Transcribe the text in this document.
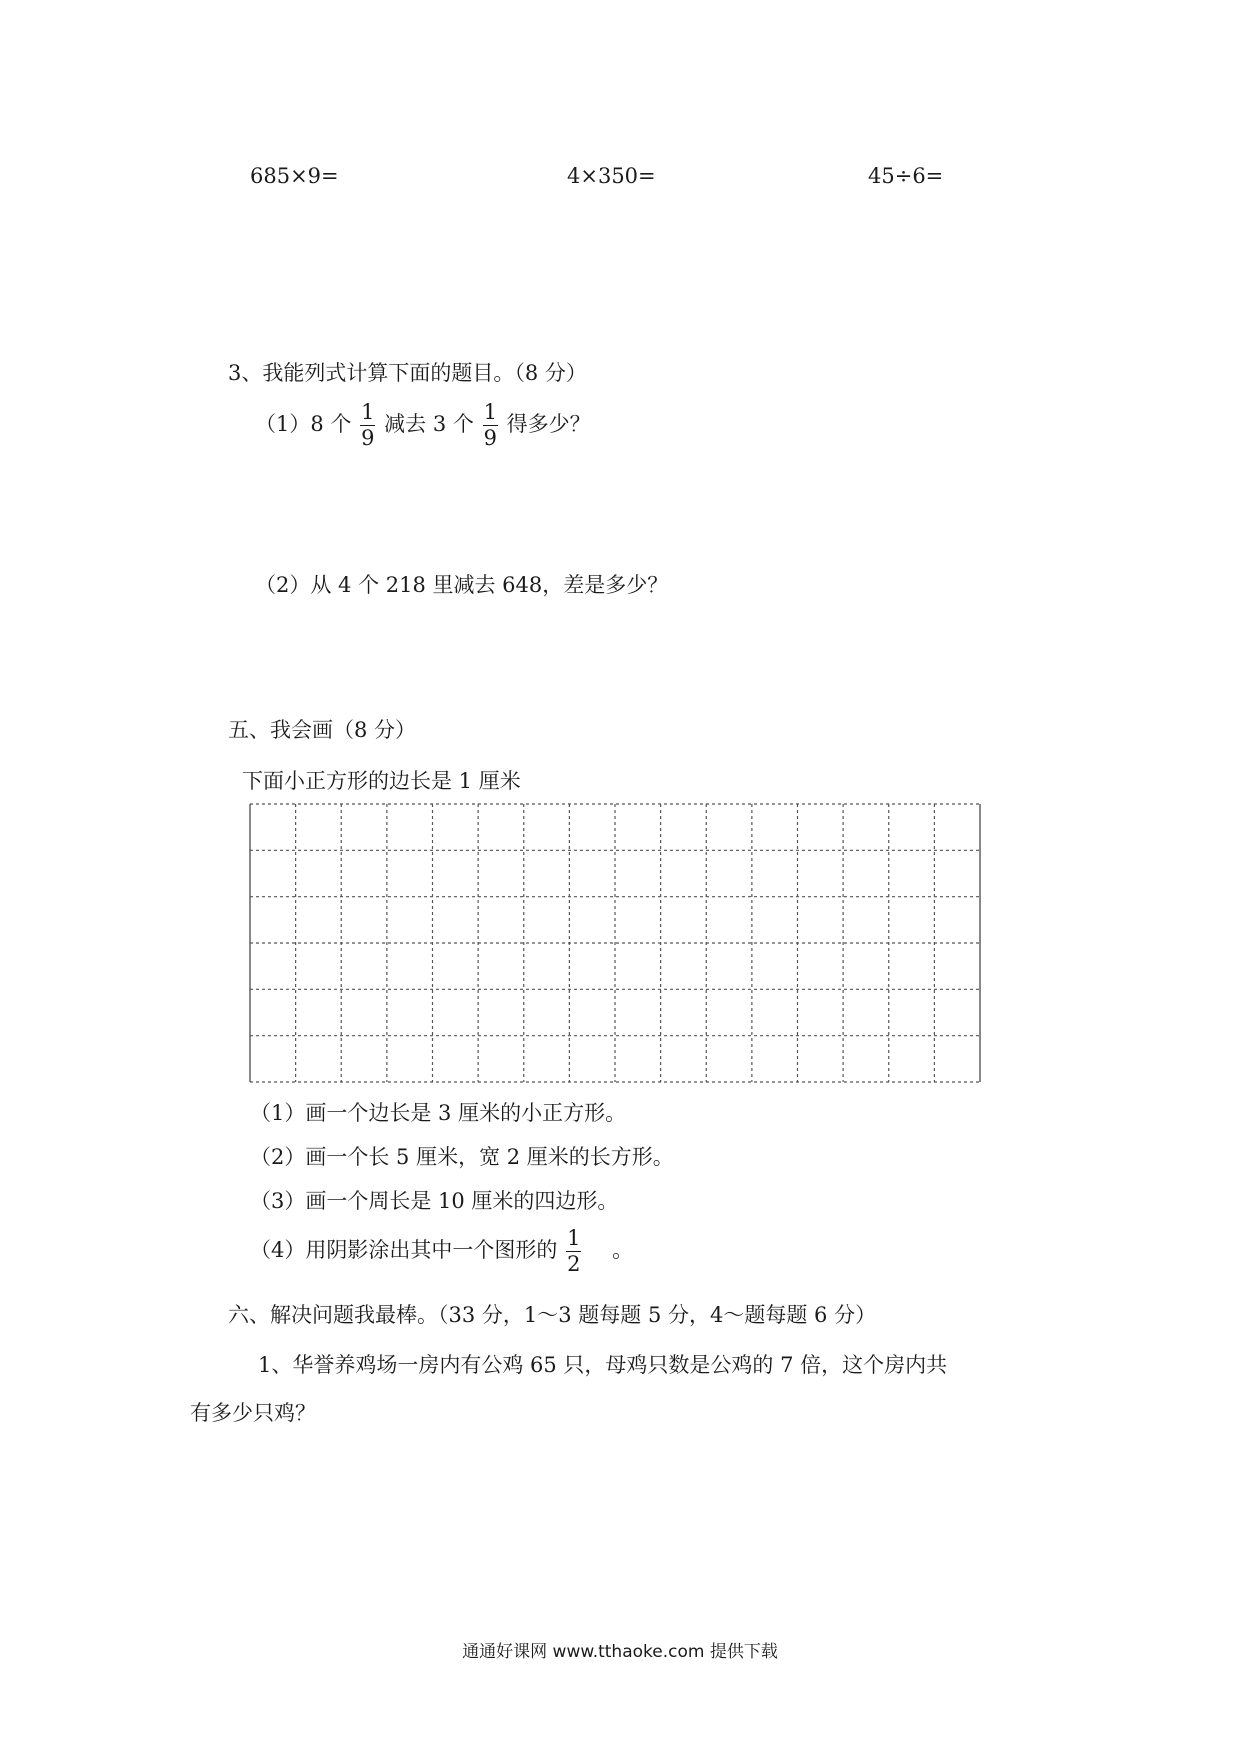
685×9=	4×350=	45÷6=
3、我能列式计算下面的题目。（8 分）
（1）8 个 $\frac{1}{9}$ 减去 3 个 $\frac{1}{9}$ 得多少？
（2）从 4 个 218 里减去 648，差是多少？
五、我会画（8 分）
下面小正方形的边长是 1 厘米
（1）画一个边长是 3 厘米的小正方形。
（2）画一个长 5 厘米，宽 2 厘米的长方形。
（3）画一个周长是 10 厘米的四边形。
（4）用阴影涂出其中一个图形的 $\frac{1}{2}$ 。
六、解决问题我最棒。（33 分，1～3 题每题 5 分，4～题每题 6 分）
1、华誉养鸡场一房内有公鸡 65 只，母鸡只数是公鸡的 7 倍，这个房内共
有多少只鸡？
通通好课网 www.tthaoke.com 提供下载
